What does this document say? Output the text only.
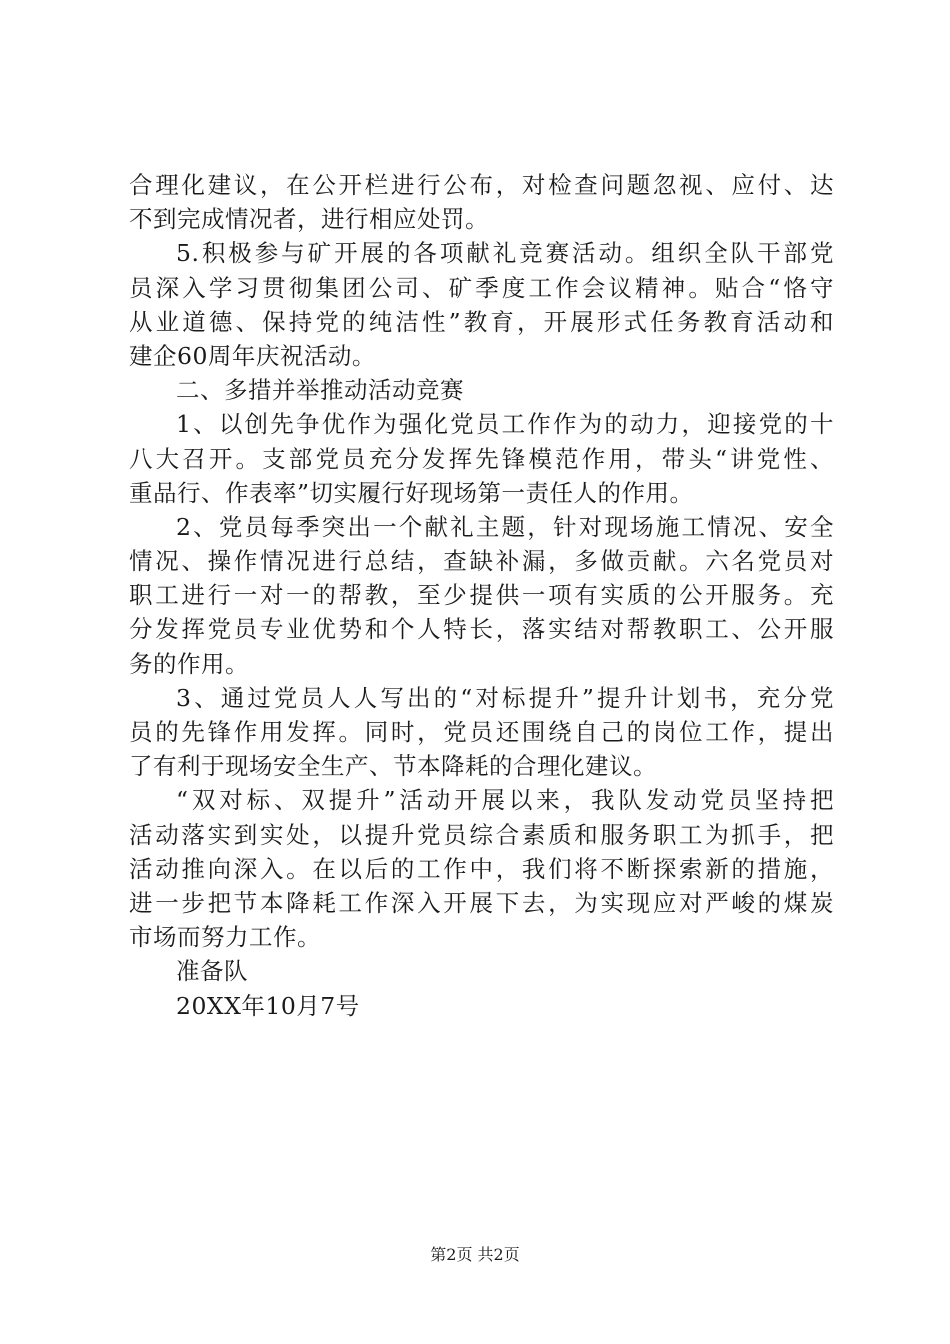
合理化建议，在公开栏进行公布，对检查问题忽视、应付、达
不到完成情况者，进行相应处罚。
5.积极参与矿开展的各项献礼竞赛活动。组织全队干部党
员深入学习贯彻集团公司、矿季度工作会议精神。贴合“恪守
从业道德、保持党的纯洁性”教育，开展形式任务教育活动和
建企60周年庆祝活动。
二、多措并举推动活动竞赛
1、以创先争优作为强化党员工作作为的动力，迎接党的十
八大召开。支部党员充分发挥先锋模范作用，带头“讲党性、
重品行、作表率”切实履行好现场第一责任人的作用。
2、党员每季突出一个献礼主题，针对现场施工情况、安全
情况、操作情况进行总结，查缺补漏，多做贡献。六名党员对
职工进行一对一的帮教，至少提供一项有实质的公开服务。充
分发挥党员专业优势和个人特长，落实结对帮教职工、公开服
务的作用。
3、通过党员人人写出的“对标提升”提升计划书，充分党
员的先锋作用发挥。同时，党员还围绕自己的岗位工作，提出
了有利于现场安全生产、节本降耗的合理化建议。
“双对标、双提升”活动开展以来，我队发动党员坚持把
活动落实到实处，以提升党员综合素质和服务职工为抓手，把
活动推向深入。在以后的工作中，我们将不断探索新的措施，
进一步把节本降耗工作深入开展下去，为实现应对严峻的煤炭
市场而努力工作。
准备队
20XX年10月7号
第2页 共2页
